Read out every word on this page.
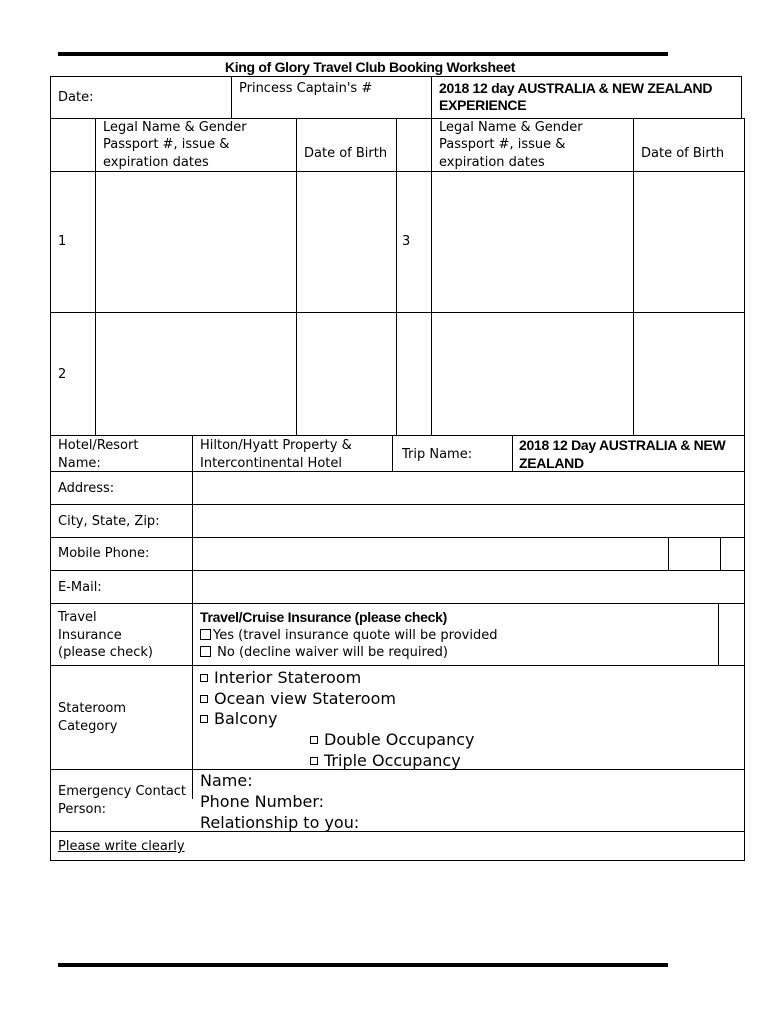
King of Glory Travel Club Booking Worksheet
Date:
Princess Captain's #	2018 12 day AUSTRALIA & NEW ZEALAND
EXPERIENCE
Legal Name & Gender
Passport #, issue &
expiration dates
Date of Birth
Legal Name & Gender
Passport #, issue &
expiration dates
Date of Birth
1
2
3
Hotel/Resort
Name:
Hilton/Hyatt Property &
Intercontinental Hotel
Trip Name:
2018 12 Day AUSTRALIA & NEW
ZEALAND
Address:
City, State, Zip:
Mobile Phone:
E-Mail:
Travel
Insurance
(please check)
Travel/Cruise Insurance (please check)
Yes (travel insurance quote will be provided
No (decline waiver will be required)
Stateroom
Category
Interior Stateroom
Ocean view Stateroom
Balcony
Double Occupancy
Triple Occupancy
Emergency Contact
Person:
Name:
Phone Number:
Relationship to you:
Please write clearly
